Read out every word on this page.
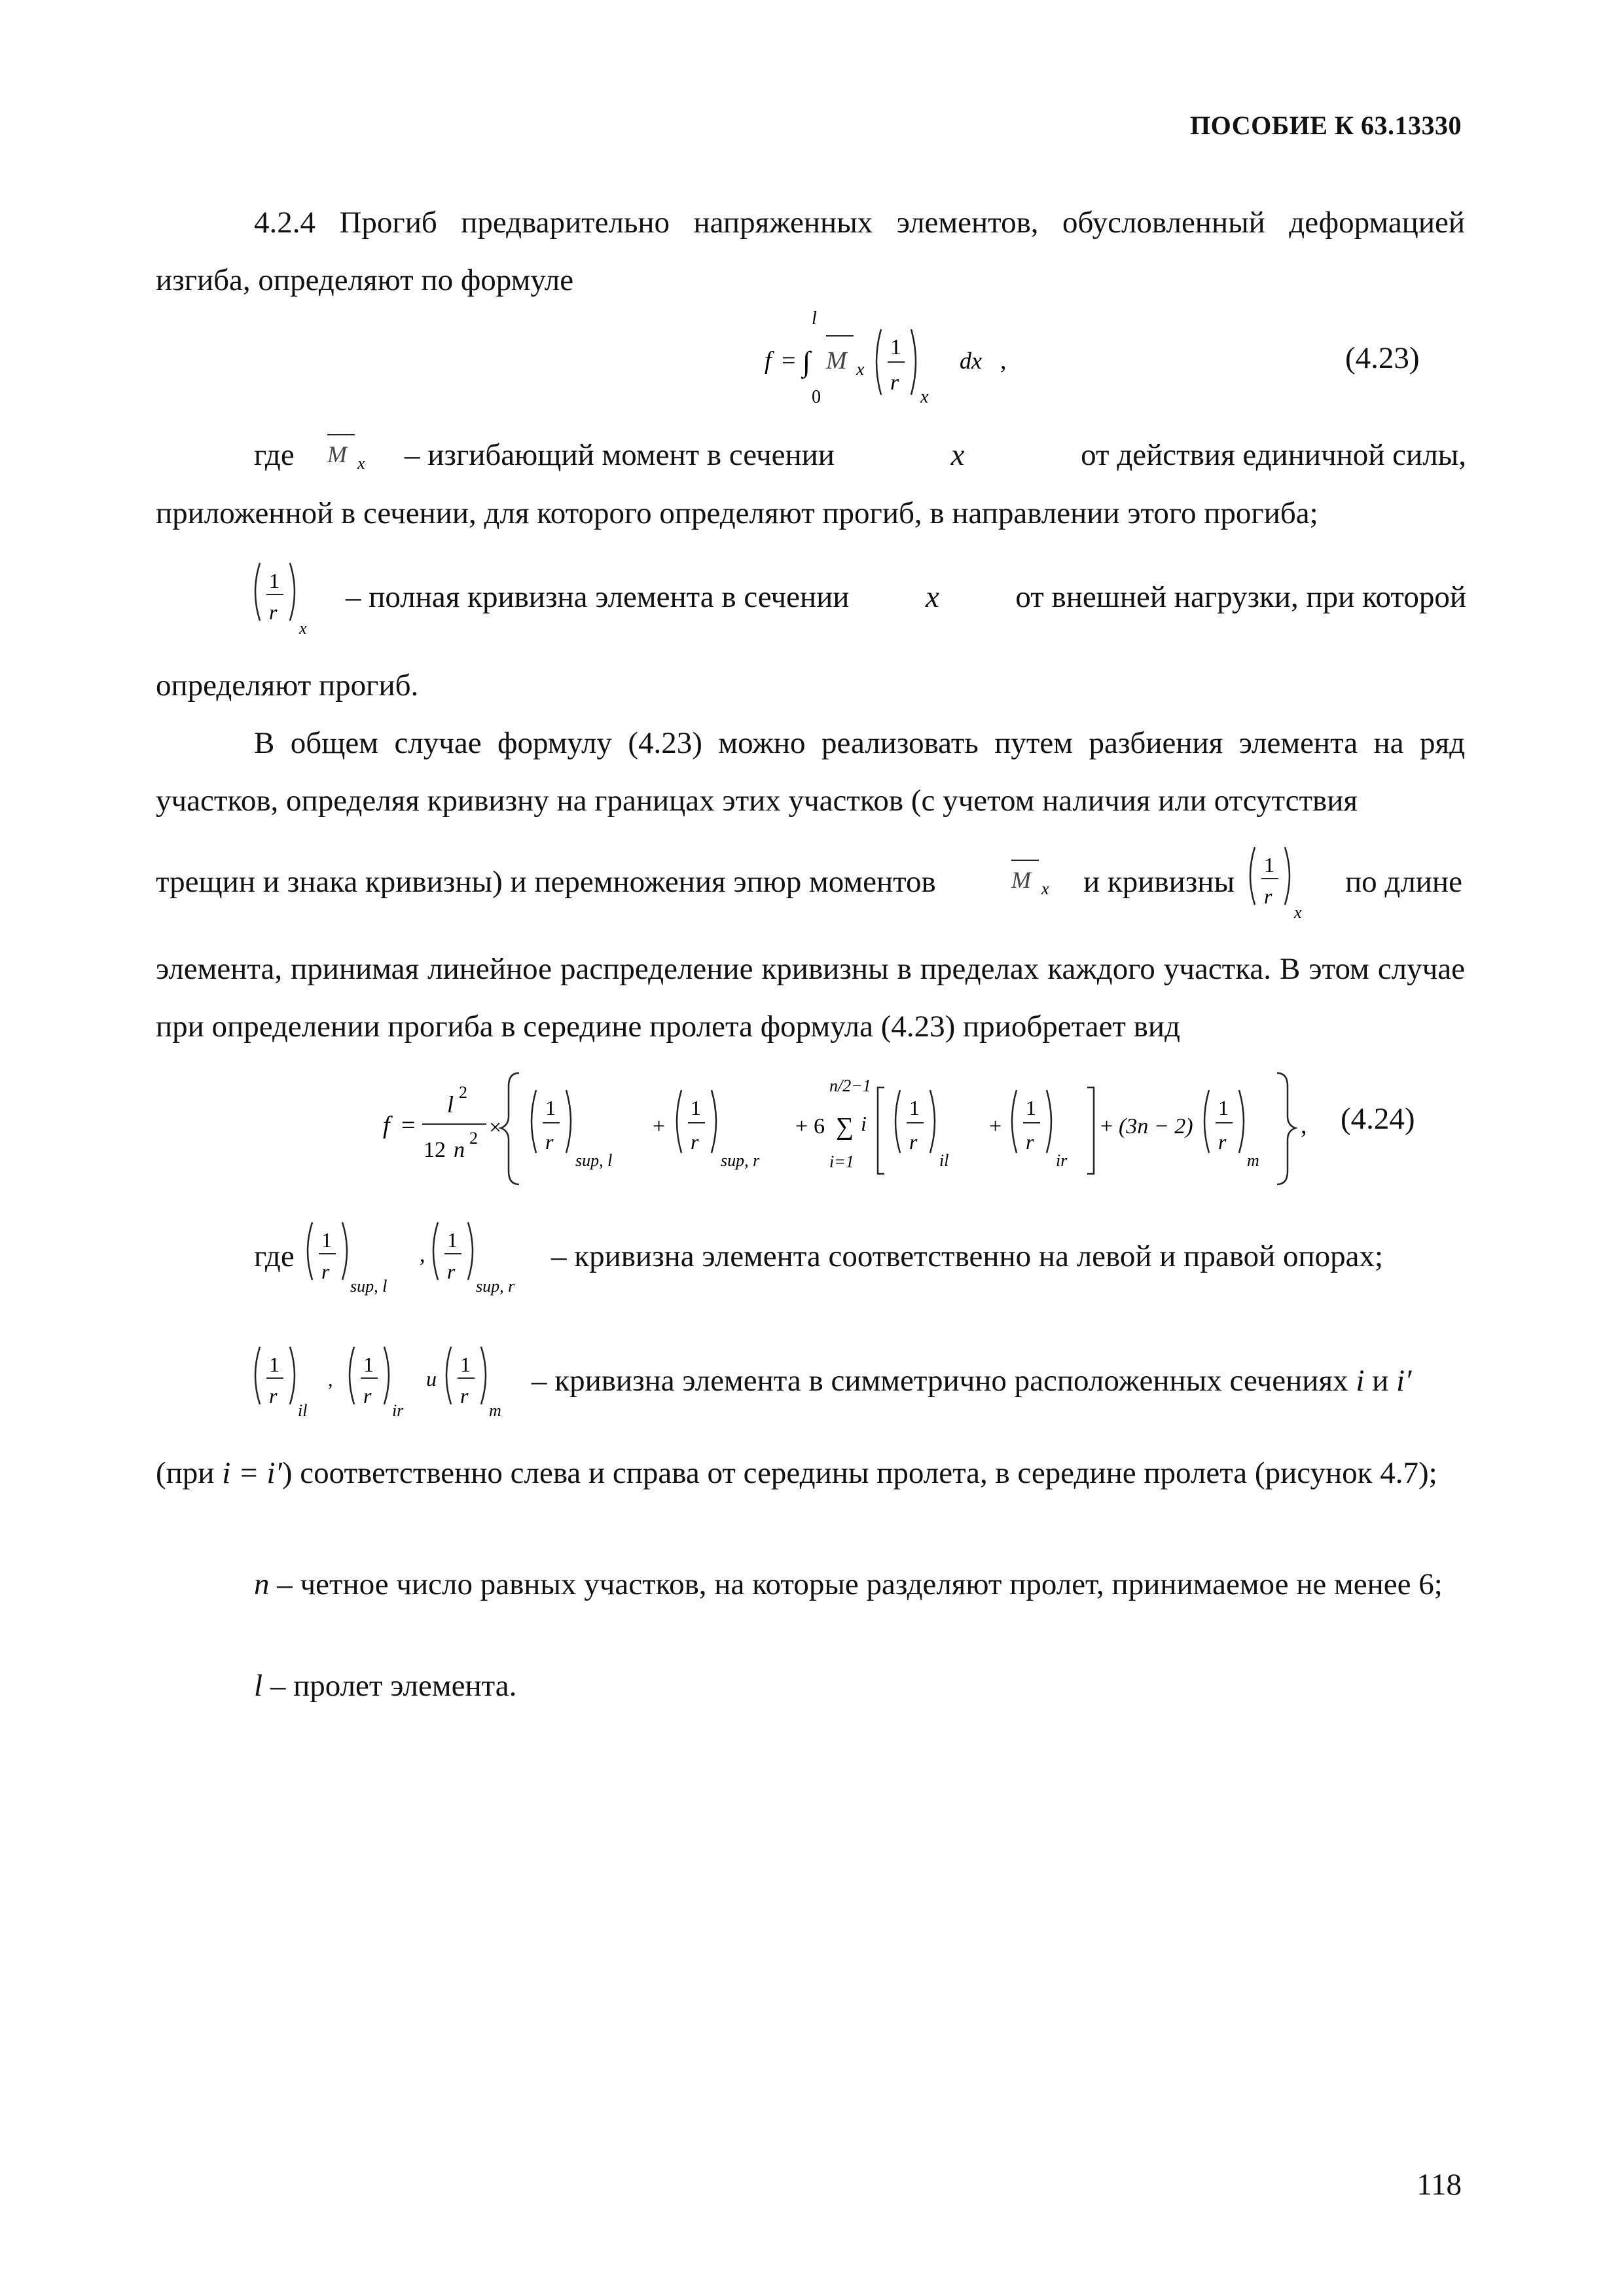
ПОСОБИЕ К 63.13330
4.2.4 Прогиб предварительно напряженных элементов, обусловленный деформацией изгиба, определяют по формуле
f = ∫
l
0
M x
1
r
x
dx ,	(4.23)
где M x – изгибающий момент в сечении	x	от действия единичной силы,
приложенной в сечении, для которого определяют прогиб, в направлении этого прогиба;
1
r
x
– полная кривизна элемента в сечении x от внешней нагрузки, при которой
определяют прогиб.
В общем случае формулу (4.23) можно реализовать путем разбиения элемента на ряд участков, определяя кривизну на границах этих участков (с учетом наличия или отсутствия
трещин и знака кривизны) и перемножения эпюр моментов	M x и кривизны 1
r
x
по длине
элемента, принимая линейное распределение кривизны в пределах каждого участка. В этом случае при определении прогиба в середине пролета формула (4.23) приобретает вид
f =
l 2
12 n 2 ×
1
r
sup, l
+
1
r
sup, r
+ 6
n/2−1
∑
i=1
i
1
r
il
+
1
r
ir
+ (3n − 2)
1
r
m
, (4.24)
где 1
r
sup, l
,
1
r
sup, r
– кривизна элемента соответственно на левой и правой опорах;
1
r
il
,
1
r
ir
u
1
r
m
– кривизна элемента в симметрично расположенных сечениях i и i′
(при i = i′) соответственно слева и справа от середины пролета, в середине пролета (рисунок 4.7);
n – четное число равных участков, на которые разделяют пролет, принимаемое не менее 6;
l – пролет элемента.
118
